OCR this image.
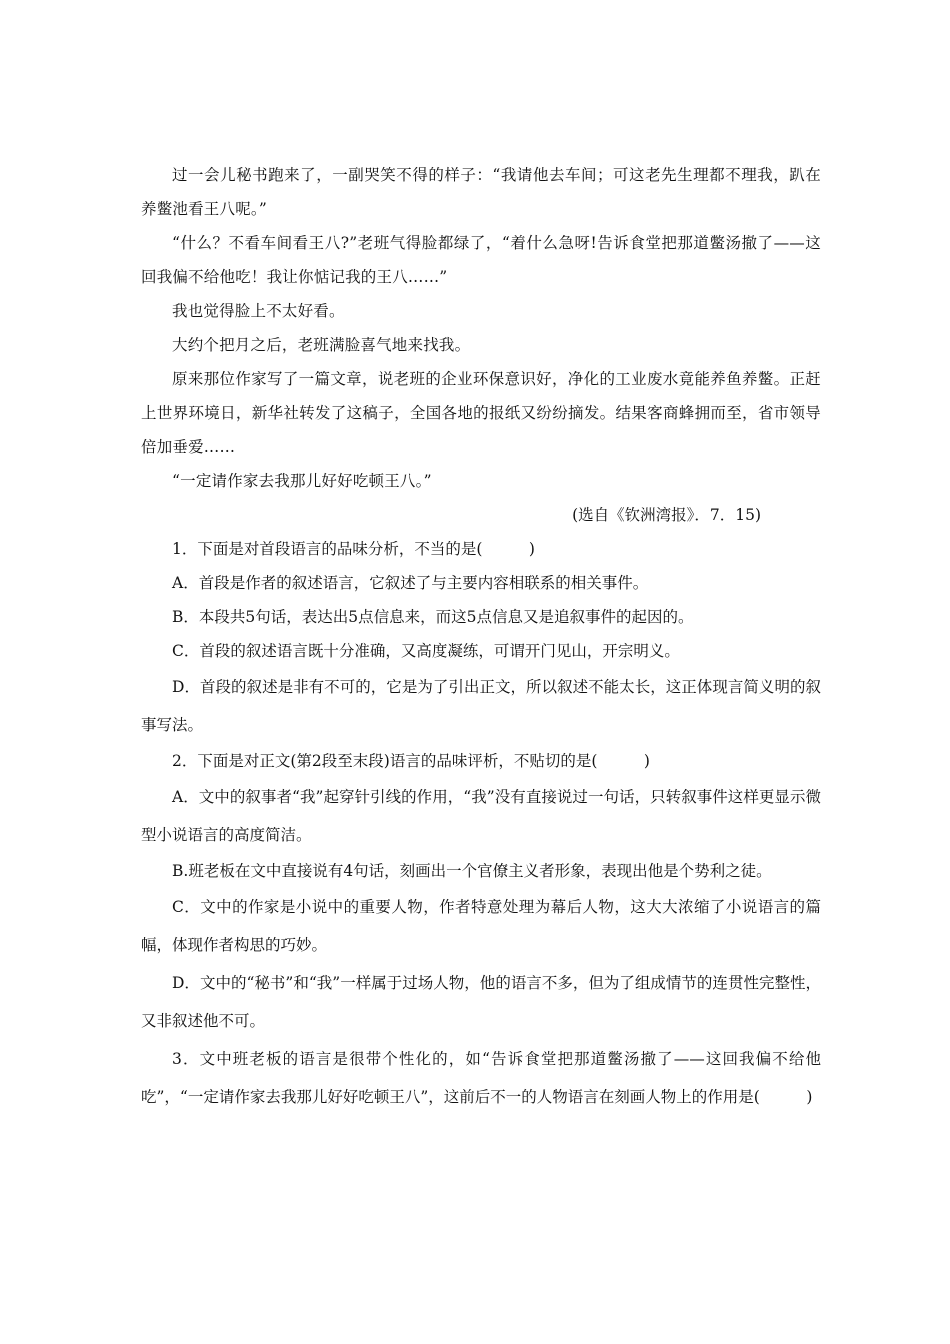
过一会儿秘书跑来了，一副哭笑不得的样子：“我请他去车间；可这老先生理都不理我，趴在养鳖池看王八呢。”

“什么？不看车间看王八?”老班气得脸都绿了，“着什么急呀!告诉食堂把那道鳖汤撤了——这回我偏不给他吃！我让你惦记我的王八……”

我也觉得脸上不太好看。

大约个把月之后，老班满脸喜气地来找我。

原来那位作家写了一篇文章，说老班的企业环保意识好，净化的工业废水竟能养鱼养鳖。正赶上世界环境日，新华社转发了这稿子，全国各地的报纸又纷纷摘发。结果客商蜂拥而至，省市领导倍加垂爱……

“一定请作家去我那儿好好吃顿王八。”

(选自《钦洲湾报》．7．15)

1．下面是对首段语言的品味分析，不当的是(　　　)

A．首段是作者的叙述语言，它叙述了与主要内容相联系的相关事件。

B．本段共5句话，表达出5点信息来，而这5点信息又是追叙事件的起因的。

C．首段的叙述语言既十分准确，又高度凝练，可谓开门见山，开宗明义。

D．首段的叙述是非有不可的，它是为了引出正文，所以叙述不能太长，这正体现言简义明的叙事写法。

2．下面是对正文(第2段至末段)语言的品味评析，不贴切的是(　　　)

A．文中的叙事者“我”起穿针引线的作用，“我”没有直接说过一句话，只转叙事件这样更显示微型小说语言的高度简洁。

B.班老板在文中直接说有4句话，刻画出一个官僚主义者形象，表现出他是个势利之徒。

C．文中的作家是小说中的重要人物，作者特意处理为幕后人物，这大大浓缩了小说语言的篇幅，体现作者构思的巧妙。

D．文中的“秘书”和“我”一样属于过场人物，他的语言不多，但为了组成情节的连贯性完整性，又非叙述他不可。

3．文中班老板的语言是很带个性化的，如“告诉食堂把那道鳖汤撤了——这回我偏不给他吃”，“一定请作家去我那儿好好吃顿王八”，这前后不一的人物语言在刻画人物上的作用是(　　　)
